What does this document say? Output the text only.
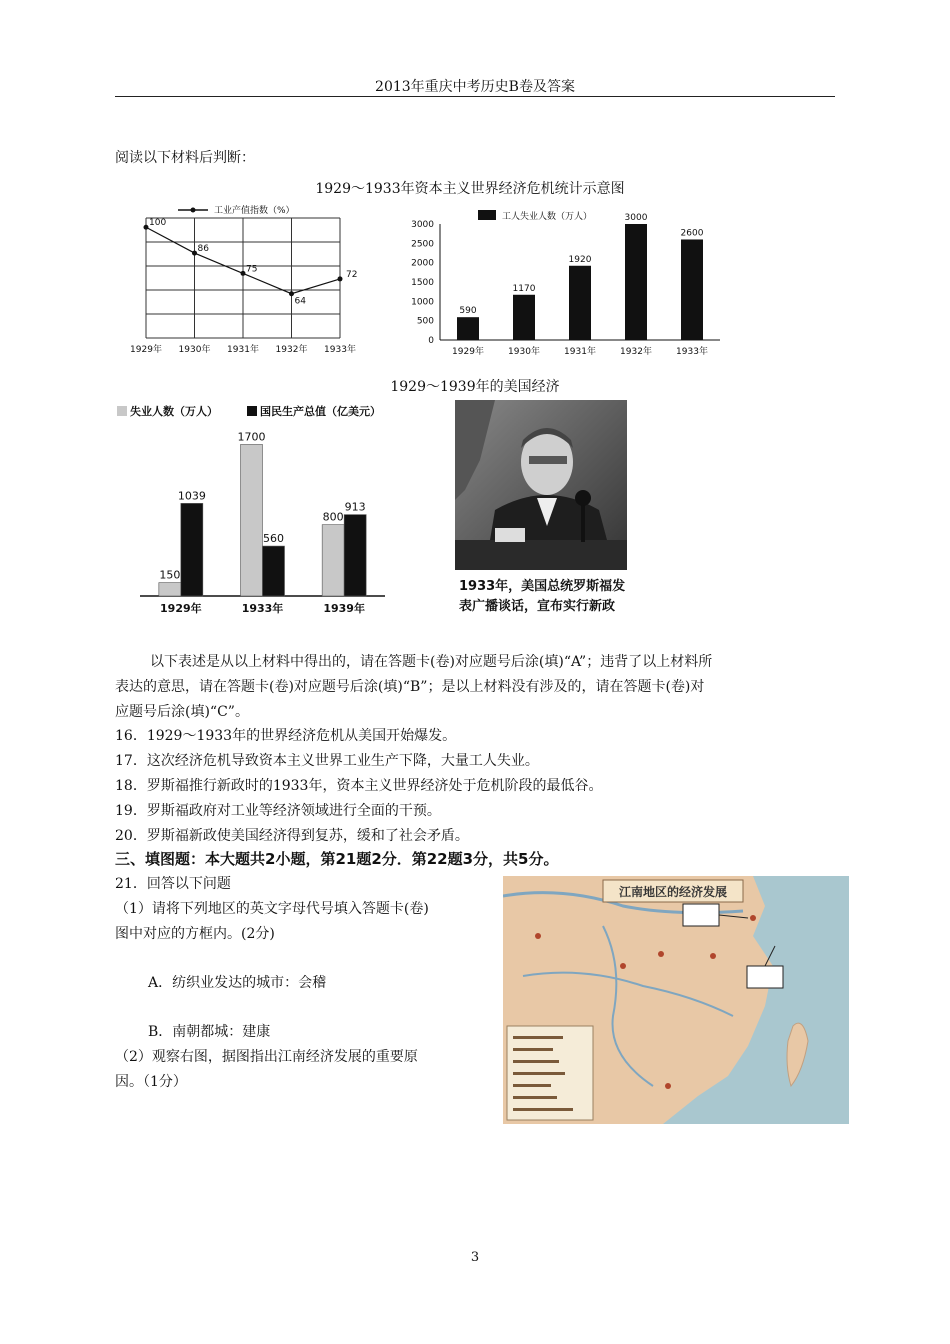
2013年重庆中考历史B卷及答案
阅读以下材料后判断：
1929～1933年资本主义世界经济危机统计示意图
1929年 1930年 1931年 1932年 1933年
100
86
75
64
72
工业产值指数（%）
3000
2500
2000
1500
1000
500
0
590
1929年
1170
1930年
1920
1931年
3000
1932年
2600
1933年
工人失业人数（万人）
1929～1939年的美国经济
失业人数（万人）	国民生产总值（亿美元）
150
1039
1929年
1700
560
1933年
800
913
1939年
1933年，美国总统罗斯福发
表广播谈话，宣布实行新政
以下表述是从以上材料中得出的，请在答题卡(卷)对应题号后涂(填)“A”；违背了以上材料所
表达的意思，请在答题卡(卷)对应题号后涂(填)“B”；是以上材料没有涉及的，请在答题卡(卷)对
应题号后涂(填)“C”。
16．1929～1933年的世界经济危机从美国开始爆发。
17．这次经济危机导致资本主义世界工业生产下降，大量工人失业。
18．罗斯福推行新政时的1933年，资本主义世界经济处于危机阶段的最低谷。
19．罗斯福政府对工业等经济领域进行全面的干预。
20．罗斯福新政使美国经济得到复苏，缓和了社会矛盾。
三、填图题：本大题共2小题，第21题2分．第22题3分，共5分。
21．回答以下问题
（1）请将下列地区的英文字母代号填入答题卡(卷)
图中对应的方框内。(2分)
A．纺织业发达的城市：会稽
B．南朝都城：建康
（2）观察右图，据图指出江南经济发展的重要原
因。（1分）
江南地区的经济发展
3
